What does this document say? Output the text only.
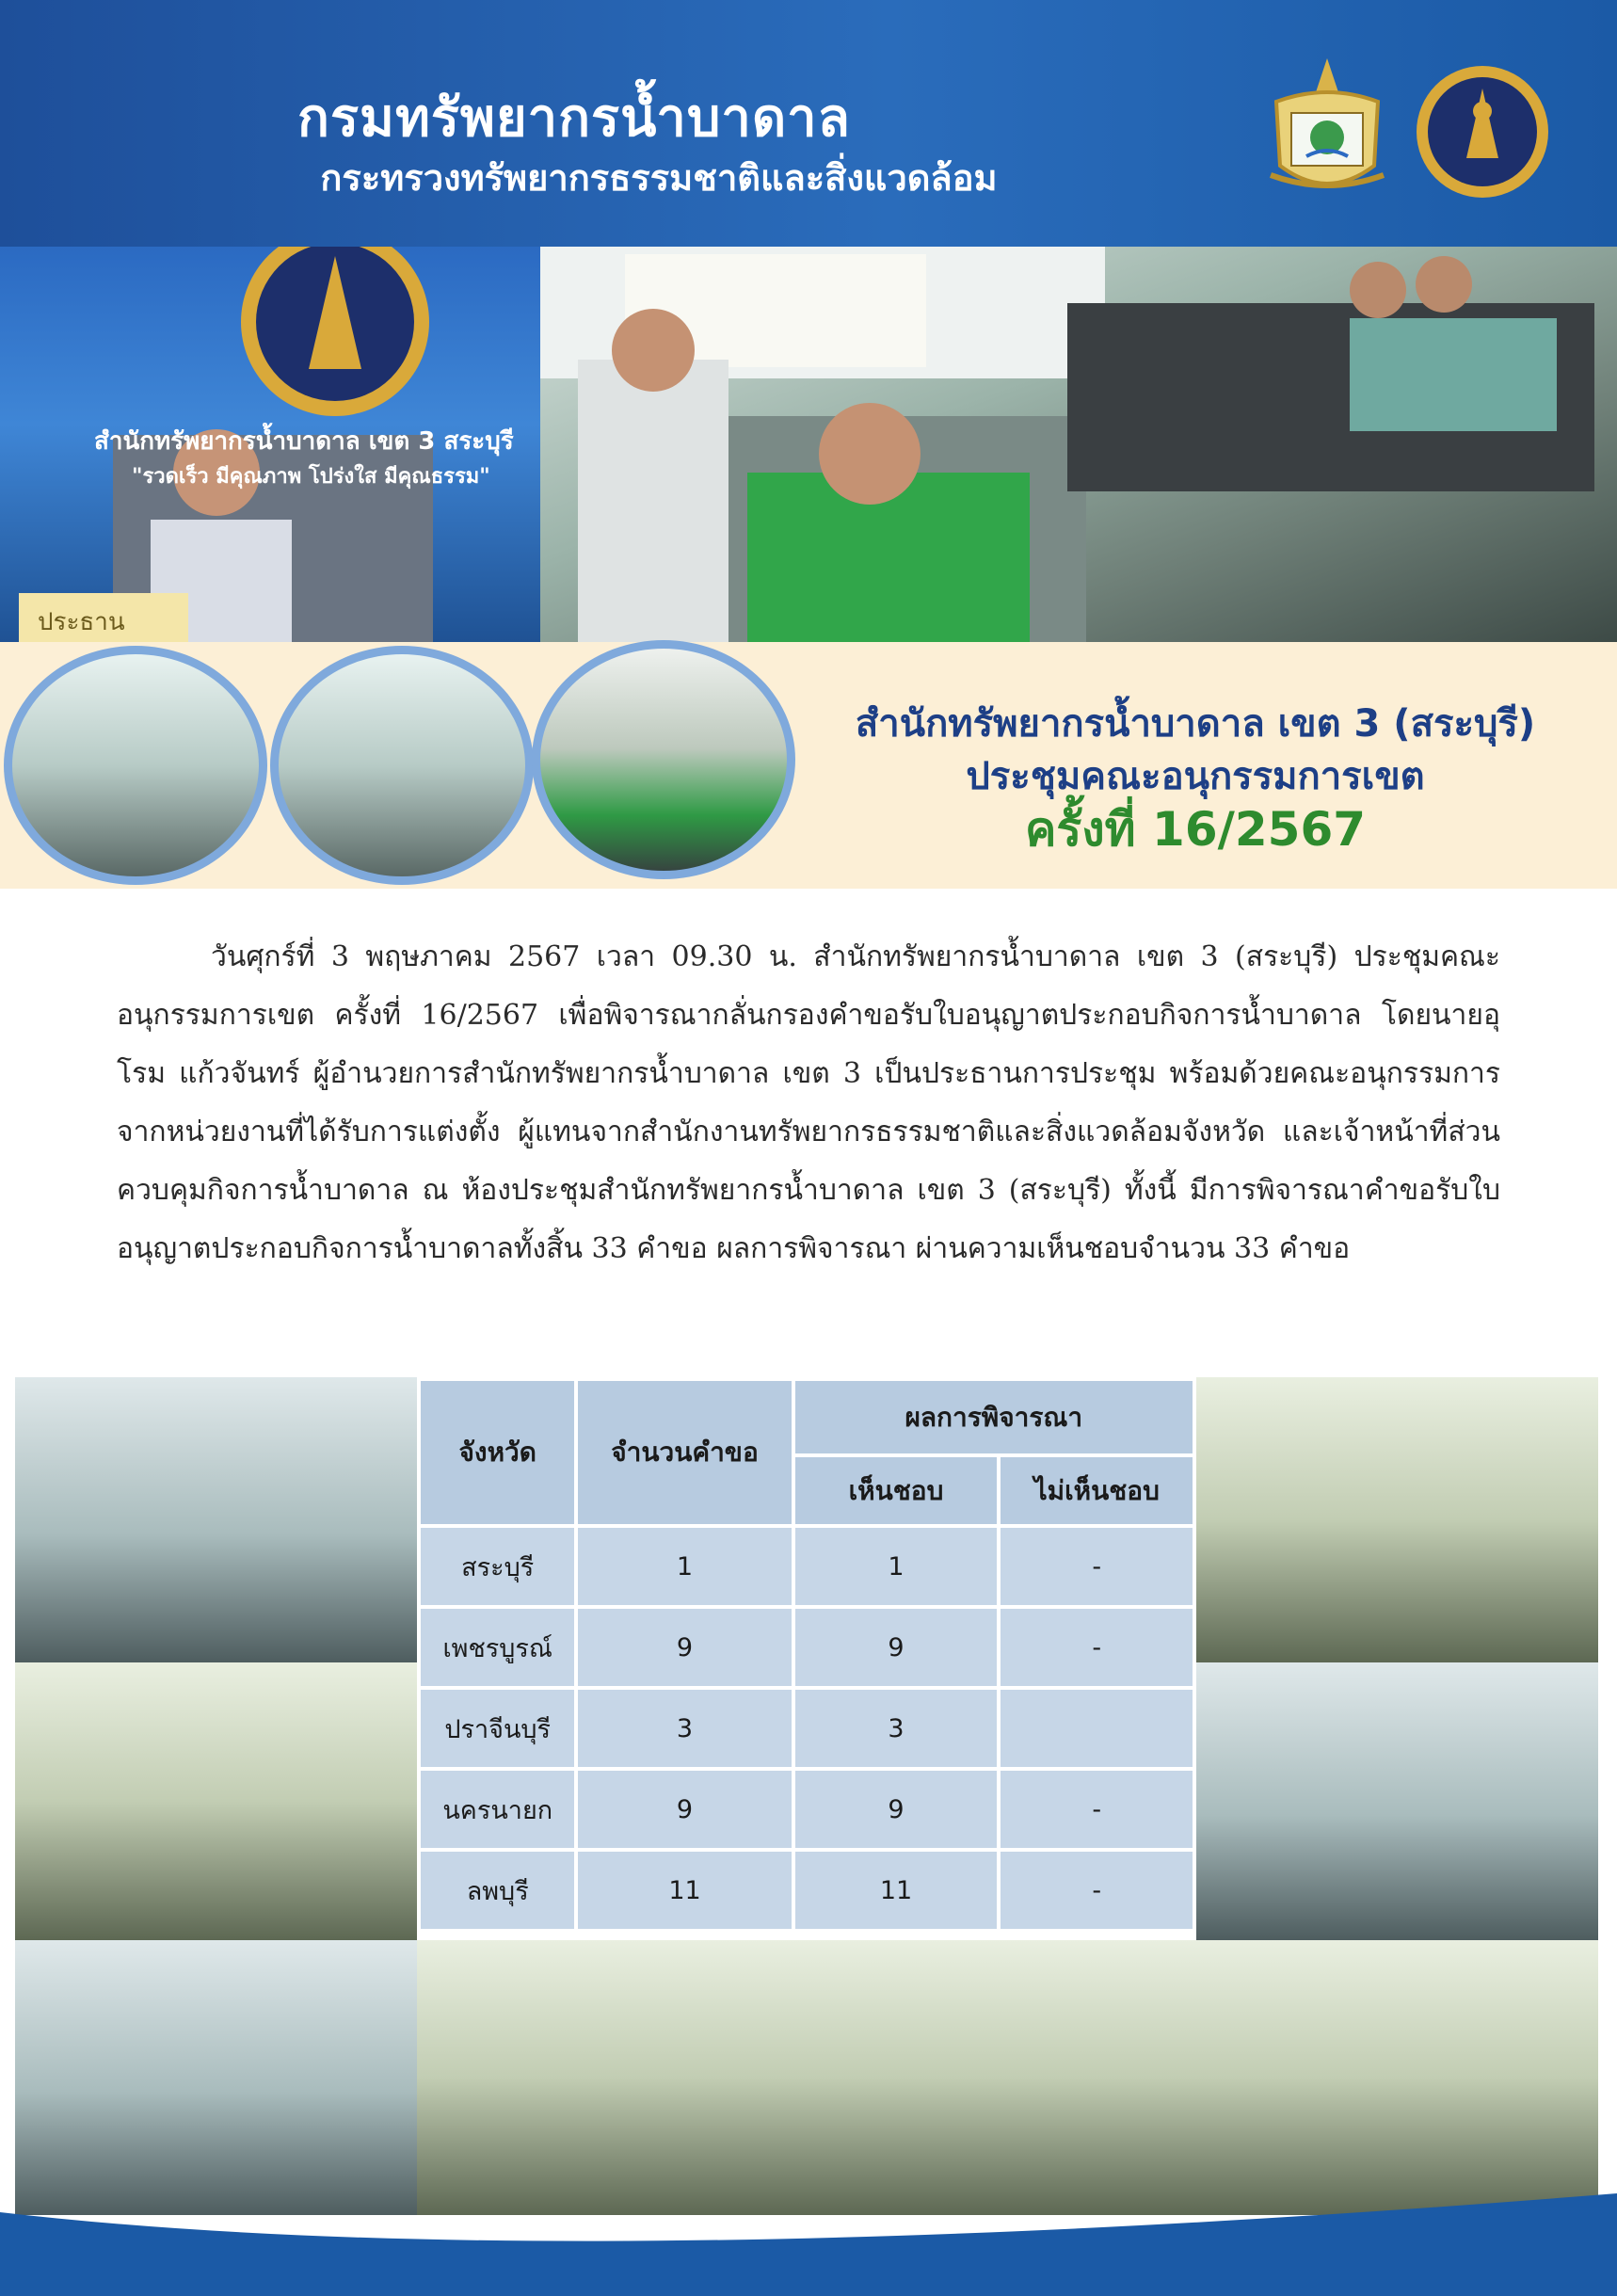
กรมทรัพยากรน้ำบาดาล
กระทรวงทรัพยากรธรรมชาติและสิ่งแวดล้อม
สำนักทรัพยากรน้ำบาดาล เขต 3 สระบุรี
"รวดเร็ว มีคุณภาพ โปร่งใส มีคุณธรรม"
ประธาน
สำนักทรัพยากรน้ำบาดาล เขต 3 (สระบุรี)
ประชุมคณะอนุกรรมการเขต
ครั้งที่ 16/2567
วันศุกร์ที่ 3 พฤษภาคม 2567 เวลา 09.30 น. สำนักทรัพยากรน้ำบาดาล เขต 3 (สระบุรี) ประชุมคณะอนุกรรมการเขต ครั้งที่ 16/2567 เพื่อพิจารณากลั่นกรองคำขอรับใบอนุญาตประกอบกิจการน้ำบาดาล โดยนายอุโรม แก้วจันทร์ ผู้อำนวยการสำนักทรัพยากรน้ำบาดาล เขต 3 เป็นประธานการประชุม พร้อมด้วยคณะอนุกรรมการจากหน่วยงานที่ได้รับการแต่งตั้ง ผู้แทนจากสำนักงานทรัพยากรธรรมชาติและสิ่งแวดล้อมจังหวัด และเจ้าหน้าที่ส่วนควบคุมกิจการน้ำบาดาล ณ ห้องประชุมสำนักทรัพยากรน้ำบาดาล เขต 3 (สระบุรี) ทั้งนี้ มีการพิจารณาคำขอรับใบอนุญาตประกอบกิจการน้ำบาดาลทั้งสิ้น 33 คำขอ ผลการพิจารณา ผ่านความเห็นชอบจำนวน 33 คำขอ
จังหวัด	จำนวนคำขอ	ผลการพิจารณา	
		เห็นชอบ	ไม่เห็นชอบ
สระบุรี	1	1	-
เพชรบูรณ์	9	9	-
ปราจีนบุรี	3	3	
นครนายก	9	9	-
ลพบุรี	11	11	-
